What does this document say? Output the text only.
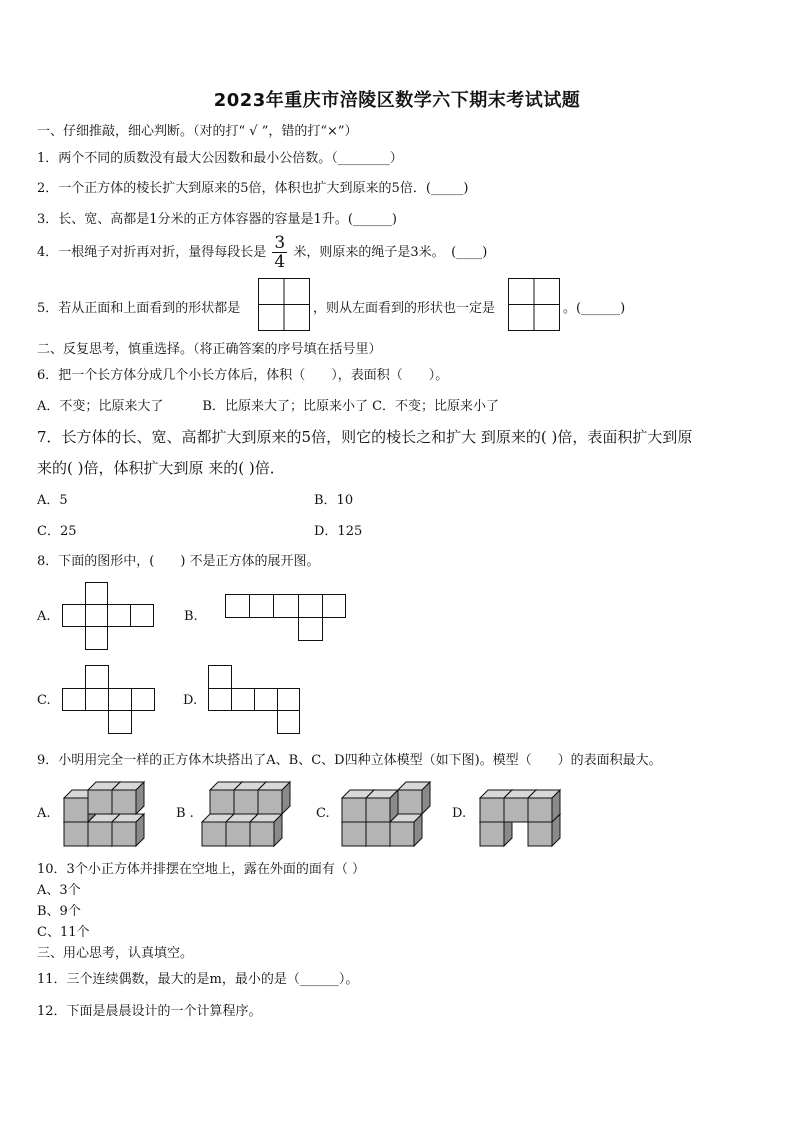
2023年重庆市涪陵区数学六下期末考试试题
一、仔细推敲，细心判断。（对的打“ √ ”，错的打“×”）
1．两个不同的质数没有最大公因数和最小公倍数。（________）
2．一个正方体的棱长扩大到原来的5倍，体积也扩大到原来的5倍．(_____)
3．长、宽、高都是1分米的正方体容器的容量是1升。(______)
4．一根绳子对折再对折，量得每段长是 $\frac{3}{4}$ 米，则原来的绳子是3米。　(____)
5．若从正面和上面看到的形状都是	，则从左面看到的形状也一定是	。(______)
二、反复思考，慎重选择。（将正确答案的序号填在括号里）
6．把一个长方体分成几个小长方体后，体积（　　），表面积（　　）。
A．不变；比原来大了　　　B．比原来大了；比原来小了 C．不变；比原来小了
7．长方体的长、宽、高都扩大到原来的5倍，则它的棱长之和扩大 到原来的( )倍，表面积扩大到原
来的( )倍，体积扩大到原 来的( )倍．
A．5	B．10
C．25	D．125
8．下面的图形中，(　　) 不是正方体的展开图。
A.	B.
C.	D.
9．小明用完全一样的正方体木块搭出了A、B、C、D四种立体模型（如下图)。模型（　　）的表面积最大。
A.	B .	C.	D.
10．3个小正方体并排摆在空地上，露在外面的面有（ ）
A、3个
B、9个
C、11个
三、用心思考，认真填空。
11．三个连续偶数，最大的是m，最小的是（______）。
12．下面是晨晨设计的一个计算程序。
